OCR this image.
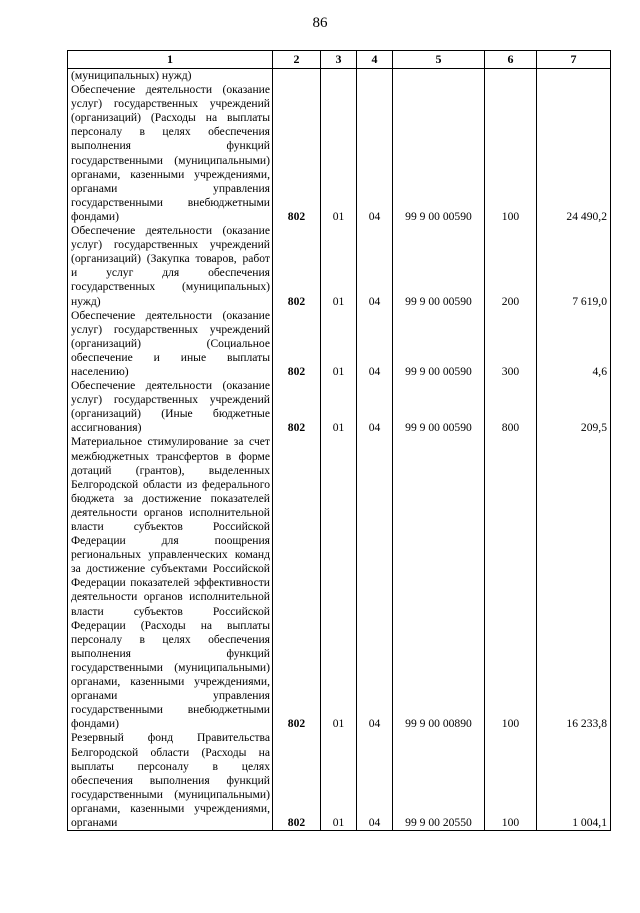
86
1	2	3	4	5	6	7
(муниципальных) нужд)						
Обеспечение деятельности (оказание услуг) государственных учреждений (организаций) (Расходы на выплаты персоналу в целях обеспечения выполнения функций государственными (муниципальными) органами, казенными учреждениями, органами управления государственными внебюджетными фондами)	802	01	04	99 9 00 00590	100	24 490,2
Обеспечение деятельности (оказание услуг) государственных учреждений (организаций) (Закупка товаров, работ и услуг для обеспечения государственных (муниципальных) нужд)	802	01	04	99 9 00 00590	200	7 619,0
Обеспечение деятельности (оказание услуг) государственных учреждений (организаций) (Социальное обеспечение и иные выплаты населению)	802	01	04	99 9 00 00590	300	4,6
Обеспечение деятельности (оказание услуг) государственных учреждений (организаций) (Иные бюджетные ассигнования)	802	01	04	99 9 00 00590	800	209,5
Материальное стимулирование за счет межбюджетных трансфертов в форме дотаций (грантов), выделенных Белгородской области из федерального бюджета за достижение показателей деятельности органов исполнительной власти субъектов Российской Федерации для поощрения региональных управленческих команд за достижение субъектами Российской Федерации показателей эффективности деятельности органов исполнительной власти субъектов Российской Федерации (Расходы на выплаты персоналу в целях обеспечения выполнения функций государственными (муниципальными) органами, казенными учреждениями, органами управления государственными внебюджетными фондами)	802	01	04	99 9 00 00890	100	16 233,8
Резервный фонд Правительства Белгородской области (Расходы на выплаты персоналу в целях обеспечения выполнения функций государственными (муниципальными) органами, казенными учреждениями, органами	802	01	04	99 9 00 20550	100	1 004,1
